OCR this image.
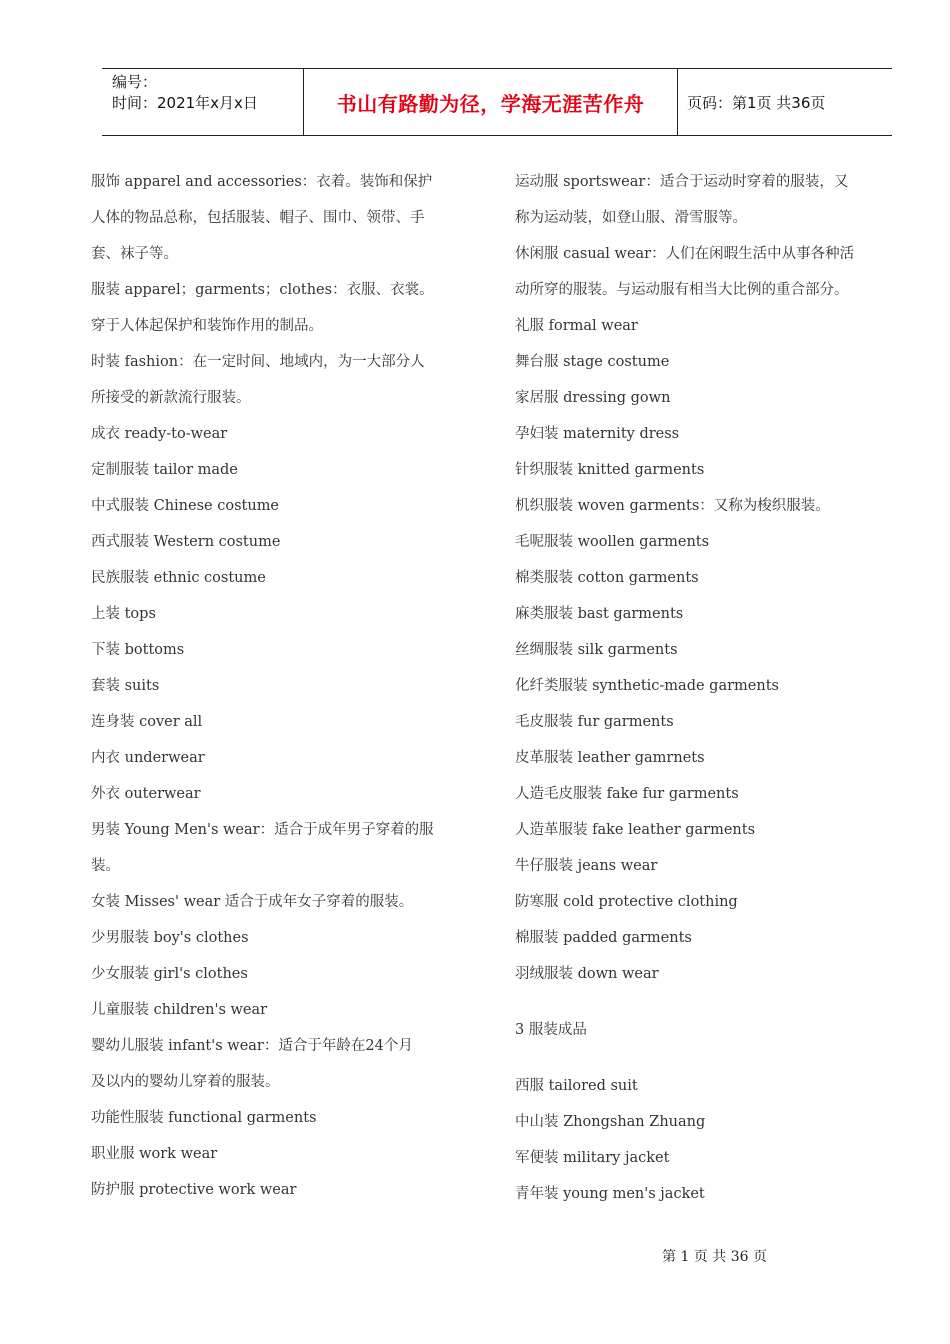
编号：
时间：2021年x月x日	书山有路勤为径，学海无涯苦作舟	页码：第1页 共36页
服饰 apparel and accessories：衣着。装饰和保护
人体的物品总称，包括服装、帽子、围巾、领带、手
套、袜子等。
服装 apparel；garments；clothes：衣服、衣裳。
穿于人体起保护和装饰作用的制品。
时装 fashion：在一定时间、地域内，为一大部分人
所接受的新款流行服装。
成衣 ready-to-wear
定制服装 tailor made
中式服装 Chinese costume
西式服装 Western costume
民族服装 ethnic costume
上装 tops
下装 bottoms
套装 suits
连身装 cover all
内衣 underwear
外衣 outerwear
男装 Young Men's wear：适合于成年男子穿着的服
装。
女装 Misses' wear 适合于成年女子穿着的服装。
少男服装 boy's clothes
少女服装 girl's clothes
儿童服装 children's wear
婴幼儿服装 infant's wear：适合于年龄在24个月
及以内的婴幼儿穿着的服装。
功能性服装 functional garments
职业服 work wear
防护服 protective work wear
运动服 sportswear：适合于运动时穿着的服装，又
称为运动装，如登山服、滑雪服等。
休闲服 casual wear：人们在闲暇生活中从事各种活
动所穿的服装。与运动服有相当大比例的重合部分。
礼服 formal wear
舞台服 stage costume
家居服 dressing gown
孕妇装 maternity dress
针织服装 knitted garments
机织服装 woven garments：又称为梭织服装。
毛呢服装 woollen garments
棉类服装 cotton garments
麻类服装 bast garments
丝绸服装 silk garments
化纤类服装 synthetic-made garments
毛皮服装 fur garments
皮革服装 leather gamrnets
人造毛皮服装 fake fur garments
人造革服装 fake leather garments
牛仔服装 jeans wear
防寒服 cold protective clothing
棉服装 padded garments
羽绒服装 down wear
3 服装成品
西服 tailored suit
中山装 Zhongshan Zhuang
军便装 military jacket
青年装 young men's jacket
第 1 页 共 36 页
